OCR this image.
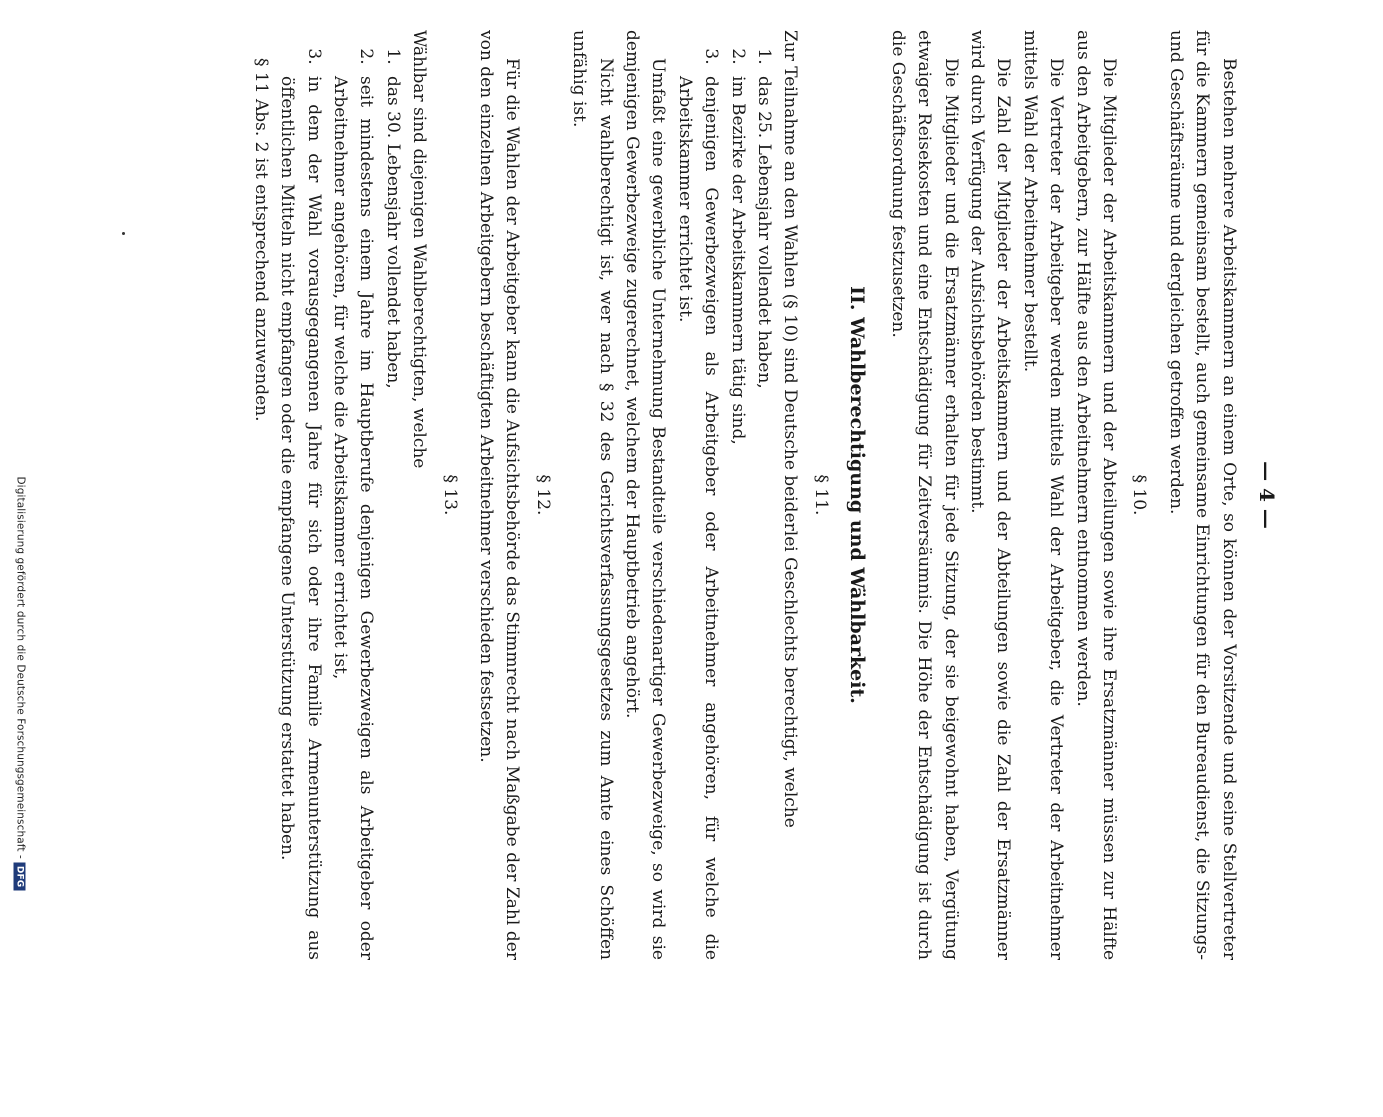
— 4 —

Bestehen mehrere Arbeitskammern an einem Orte, so können der Vorsitzende und seine Stellvertreter für die Kammern gemeinsam bestellt, auch gemeinsame Einrichtungen für den Bureaudienst, die Sitzungs- und Geschäftsräume und dergleichen getroffen werden.

§ 10.

Die Mitglieder der Arbeitskammern und der Abteilungen sowie ihre Ersatzmänner müssen zur Hälfte aus den Arbeitgebern, zur Hälfte aus den Arbeitnehmern entnommen werden.

Die Vertreter der Arbeitgeber werden mittels Wahl der Arbeitgeber, die Vertreter der Arbeitnehmer mittels Wahl der Arbeitnehmer bestellt.

Die Zahl der Mitglieder der Arbeitskammern und der Abteilungen sowie die Zahl der Ersatzmänner wird durch Verfügung der Aufsichtsbehörden bestimmt.

Die Mitglieder und die Ersatzmänner erhalten für jede Sitzung, der sie beigewohnt haben, Vergütung etwaiger Reisekosten und eine Entschädigung für Zeitversäumnis. Die Höhe der Entschädigung ist durch die Geschäftsordnung festzusetzen.

II. Wahlberechtigung und Wählbarkeit.
§ 11.

Zur Teilnahme an den Wahlen (§ 10) sind Deutsche beiderlei Geschlechts berechtigt, welche

1. das 25. Lebensjahr vollendet haben,
2. im Bezirke der Arbeitskammern tätig sind,
3. denjenigen Gewerbezweigen als Arbeitgeber oder Arbeitnehmer angehören, für welche die Arbeitskammer errichtet ist.

Umfaßt eine gewerbliche Unternehmung Bestandteile verschiedenartiger Gewerbezweige, so wird sie demjenigen Gewerbezweige zugerechnet, welchem der Hauptbetrieb angehört.

Nicht wahlberechtigt ist, wer nach § 32 des Gerichtsverfassungsgesetzes zum Amte eines Schöffen unfähig ist.

§ 12.

Für die Wahlen der Arbeitgeber kann die Aufsichtsbehörde das Stimmrecht nach Maßgabe der Zahl der von den einzelnen Arbeitgebern beschäftigten Arbeitnehmer verschieden festsetzen.

§ 13.

Wählbar sind diejenigen Wahlberechtigten, welche

1. das 30. Lebensjahr vollendet haben,
2. seit mindestens einem Jahre im Hauptberufe denjenigen Gewerbezweigen als Arbeitgeber oder Arbeitnehmer angehören, für welche die Arbeitskammer errichtet ist,
3. in dem der Wahl vorausgegangenen Jahre für sich oder ihre Familie Armenunterstützung aus öffentlichen Mitteln nicht empfangen oder die empfangene Unterstützung erstattet haben.

§ 11 Abs. 2 ist entsprechend anzuwenden.

Digitalisierung gefördert durch die Deutsche Forschungsgemeinschaft -DFG
